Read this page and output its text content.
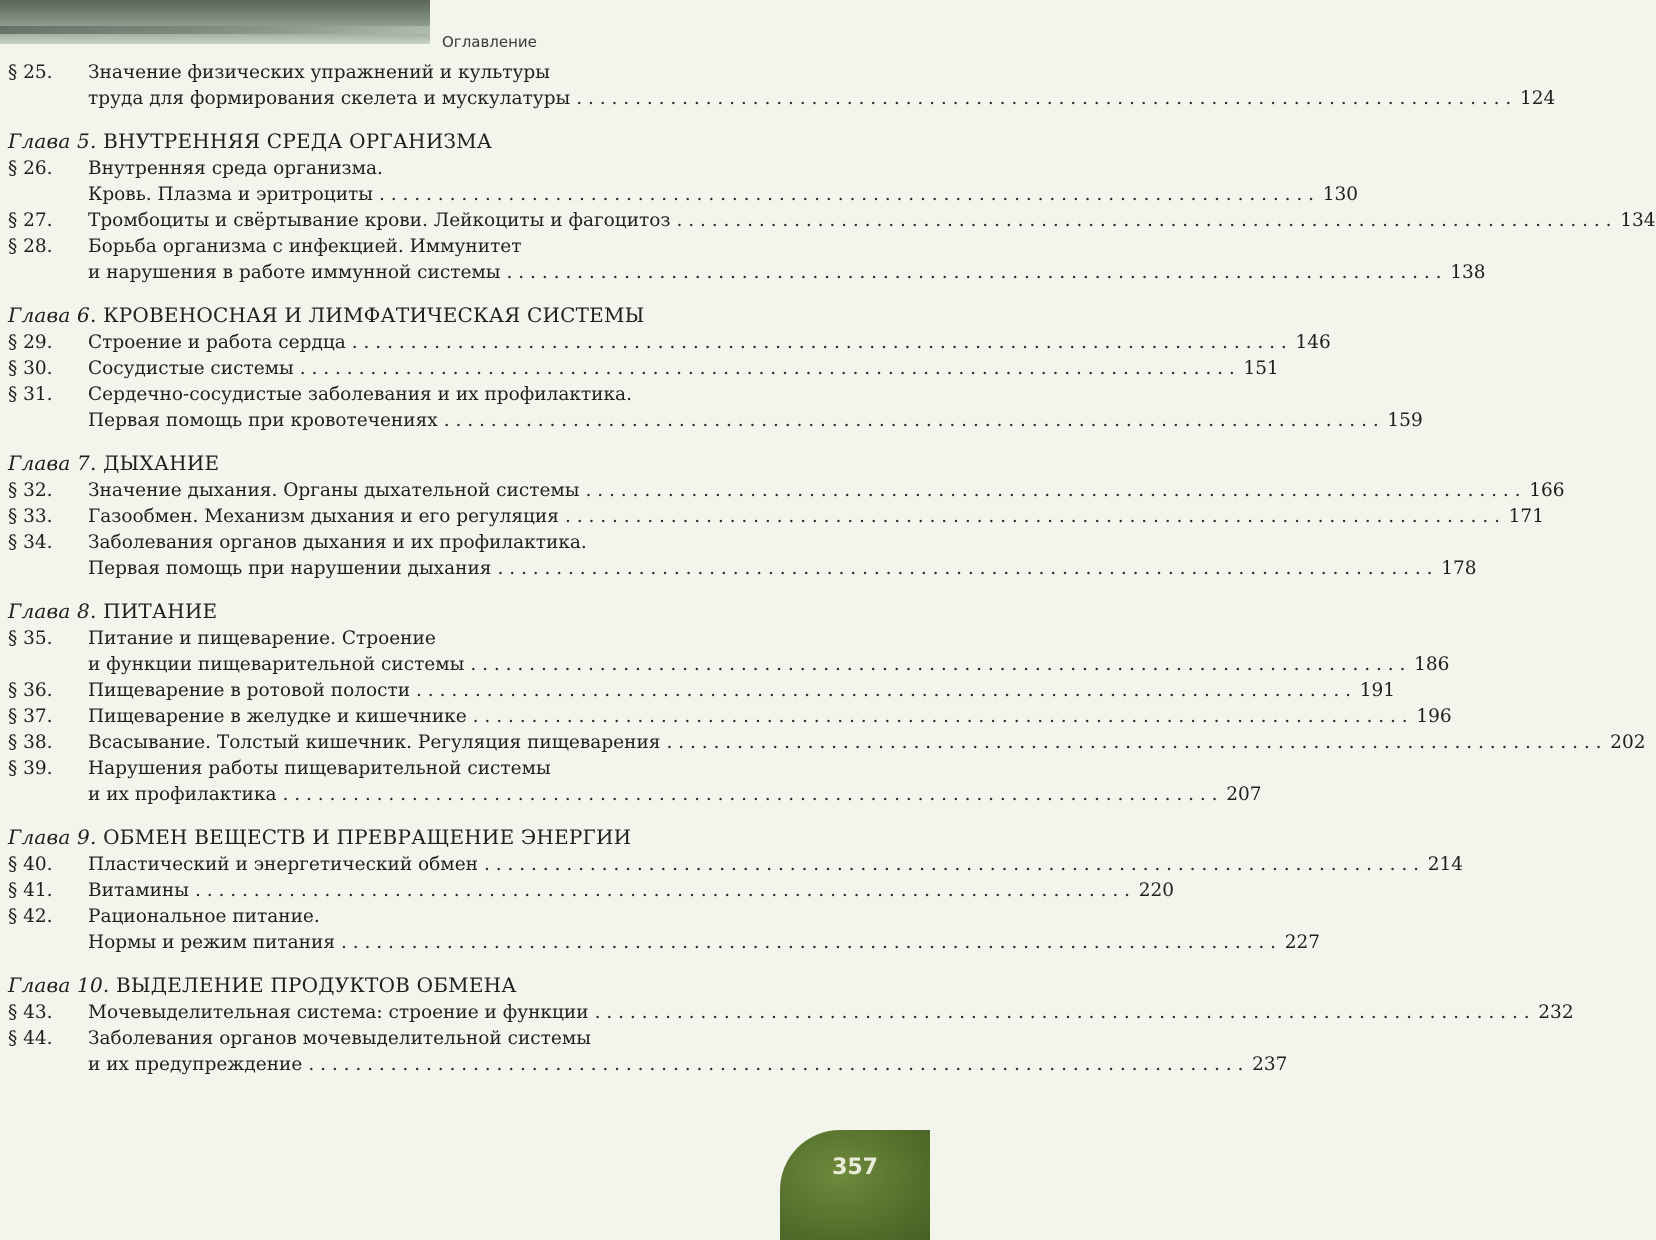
Оглавление
§ 25.	Значение физических упражнений и культуры
труда для формирования скелета и мускулатуры . . .	124
Глава 5. ВНУТРЕННЯЯ СРЕДА ОРГАНИЗМА
§ 26.	Внутренняя среда организма.
Кровь. Плазма и эритроциты . . .	130
§ 27.	Тромбоциты и свёртывание крови. Лейкоциты и фагоцитоз . . .	134
§ 28.	Борьба организма с инфекцией. Иммунитет
и нарушения в работе иммунной системы . . .	138
Глава 6. КРОВЕНОСНАЯ И ЛИМФАТИЧЕСКАЯ СИСТЕМЫ
§ 29.	Строение и работа сердца . . .	146
§ 30.	Сосудистые системы . . .	151
§ 31.	Сердечно-сосудистые заболевания и их профилактика.
Первая помощь при кровотечениях . . .	159
Глава 7. ДЫХАНИЕ
§ 32.	Значение дыхания. Органы дыхательной системы . . .	166
§ 33.	Газообмен. Механизм дыхания и его регуляция . . .	171
§ 34.	Заболевания органов дыхания и их профилактика.
Первая помощь при нарушении дыхания . . .	178
Глава 8. ПИТАНИЕ
§ 35.	Питание и пищеварение. Строение
и функции пищеварительной системы . . .	186
§ 36.	Пищеварение в ротовой полости . . .	191
§ 37.	Пищеварение в желудке и кишечнике . . .	196
§ 38.	Всасывание. Толстый кишечник. Регуляция пищеварения . . .	202
§ 39.	Нарушения работы пищеварительной системы
и их профилактика . . .	207
Глава 9. ОБМЕН ВЕЩЕСТВ И ПРЕВРАЩЕНИЕ ЭНЕРГИИ
§ 40.	Пластический и энергетический обмен . . .	214
§ 41.	Витамины . . .	220
§ 42.	Рациональное питание.
Нормы и режим питания . . .	227
Глава 10. ВЫДЕЛЕНИЕ ПРОДУКТОВ ОБМЕНА
§ 43.	Мочевыделительная система: строение и функции . . .	232
§ 44.	Заболевания органов мочевыделительной системы
и их предупреждение . . .	237
357
